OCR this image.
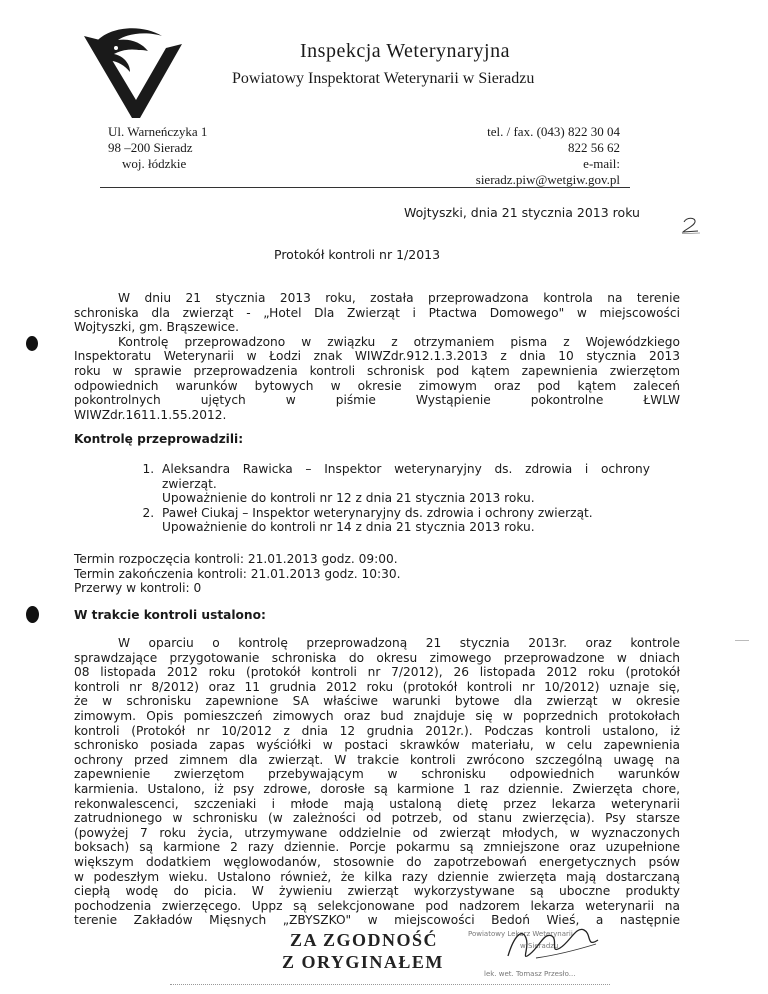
Inspekcja Weterynaryjna
Powiatowy Inspektorat Weterynarii w Sieradzu
Ul. Warneńczyka 1
98 –200 Sieradz
woj. łódzkie
tel. / fax. (043) 822 30 04
822 56 62
e-mail: sieradz.piw@wetgiw.gov.pl
Wojtyszki, dnia 21 stycznia 2013 roku
Protokół kontroli nr 1/2013
W dniu 21 stycznia 2013 roku, została przeprowadzona kontrola na terenie
schroniska dla zwierząt - „Hotel Dla Zwierząt i Ptactwa Domowego" w miejscowości
Wojtyszki, gm. Brąszewice.
Kontrolę przeprowadzono w związku z otrzymaniem pisma z Wojewódzkiego
Inspektoratu Weterynarii w Łodzi znak WIWZdr.912.1.3.2013 z dnia 10 stycznia 2013
roku w sprawie przeprowadzenia kontroli schronisk pod kątem zapewnienia zwierzętom
odpowiednich warunków bytowych w okresie zimowym oraz pod kątem zaleceń
pokontrolnych ujętych w piśmie Wystąpienie pokontrolne ŁWLW
WIWZdr.1611.1.55.2012.
Kontrolę przeprowadzili:
1. Aleksandra Rawicka – Inspektor weterynaryjny ds. zdrowia i ochrony
zwierząt.
Upoważnienie do kontroli nr 12 z dnia 21 stycznia 2013 roku.
2. Paweł Ciukaj – Inspektor weterynaryjny ds. zdrowia i ochrony zwierząt.
Upoważnienie do kontroli nr 14 z dnia 21 stycznia 2013 roku.
Termin rozpoczęcia kontroli: 21.01.2013 godz. 09:00.
Termin zakończenia kontroli: 21.01.2013 godz. 10:30.
Przerwy w kontroli: 0
W trakcie kontroli ustalono:
W oparciu o kontrolę przeprowadzoną 21 stycznia 2013r. oraz kontrole
sprawdzające przygotowanie schroniska do okresu zimowego przeprowadzone w dniach
08 listopada 2012 roku (protokół kontroli nr 7/2012), 26 listopada 2012 roku (protokół
kontroli nr 8/2012) oraz 11 grudnia 2012 roku (protokół kontroli nr 10/2012) uznaje się,
że w schronisku zapewnione SA właściwe warunki bytowe dla zwierząt w okresie
zimowym. Opis pomieszczeń zimowych oraz bud znajduje się w poprzednich protokołach
kontroli (Protokół nr 10/2012 z dnia 12 grudnia 2012r.). Podczas kontroli ustalono, iż
schronisko posiada zapas wyściółki w postaci skrawków materiału, w celu zapewnienia
ochrony przed zimnem dla zwierząt. W trakcie kontroli zwrócono szczególną uwagę na
zapewnienie zwierzętom przebywającym w schronisku odpowiednich warunków
karmienia. Ustalono, iż psy zdrowe, dorosłe są karmione 1 raz dziennie. Zwierzęta chore,
rekonwalescenci, szczeniaki i młode mają ustaloną dietę przez lekarza weterynarii
zatrudnionego w schronisku (w zależności od potrzeb, od stanu zwierzęcia). Psy starsze
(powyżej 7 roku życia, utrzymywane oddzielnie od zwierząt młodych, w wyznaczonych
boksach) są karmione 2 razy dziennie. Porcje pokarmu są zmniejszone oraz uzupełnione
większym dodatkiem węglowodanów, stosownie do zapotrzebowań energetycznych psów
w podeszłym wieku. Ustalono również, że kilka razy dziennie zwierzęta mają dostarczaną
ciepłą wodę do picia. W żywieniu zwierząt wykorzystywane są uboczne produkty
pochodzenia zwierzęcego. Uppz są selekcjonowane pod nadzorem lekarza weterynarii na
terenie Zakładów Mięsnych „ZBYSZKO" w miejscowości Bedoń Wieś, a następnie
ZA ZGODNOŚĆ
Z ORYGINAŁEM
Powiatowy Lekarz Weterynarii
w Sieradzu
lek. wet. Tomasz Przesło...
